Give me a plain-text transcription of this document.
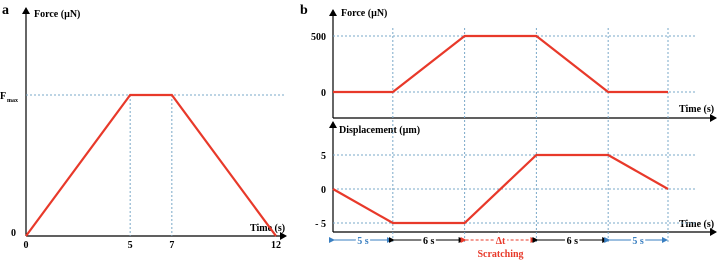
a	Force (µN)
Time (s)
0	5	7	12
0
F max
b	Force (µN)
Time (s)
Displacement (µm)
Time (s)
500
0
5
0
- 5
5 s	6 s	Δt
Scratching
6 s	5 s
